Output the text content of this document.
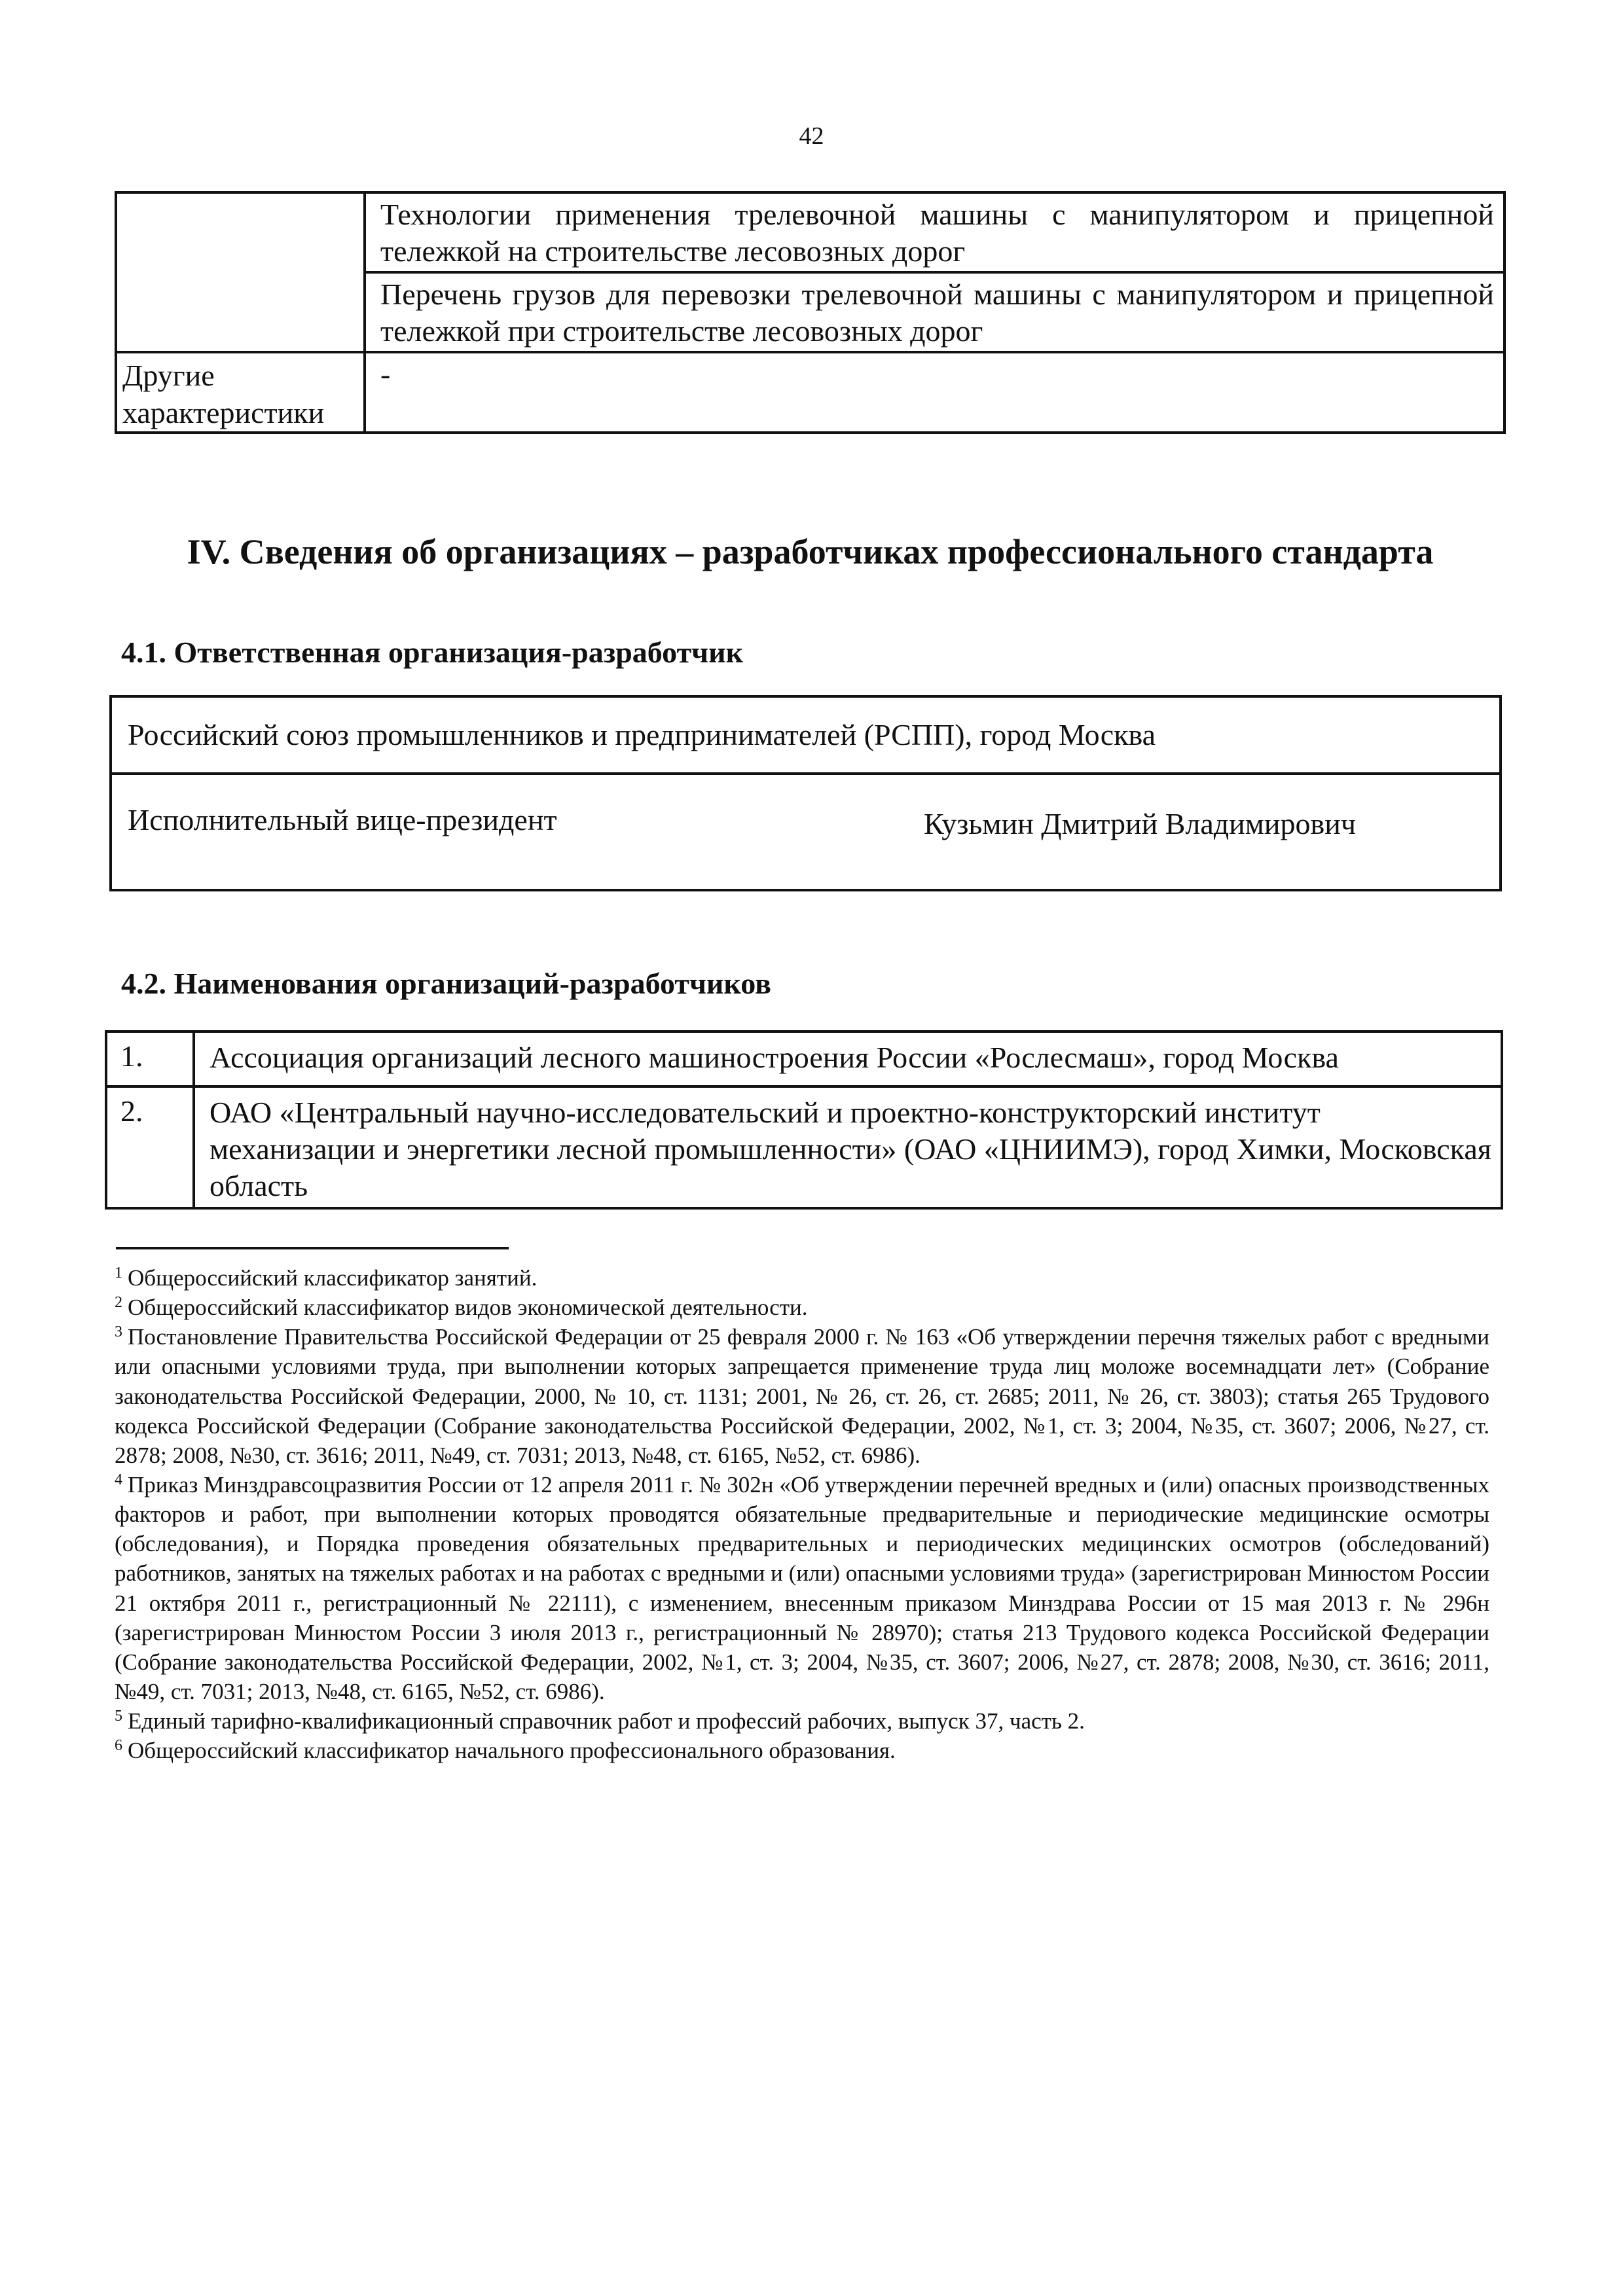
42
	Технологии применения трелевочной машины с манипулятором и прицепной тележкой на строительстве лесовозных дорог
	Перечень грузов для перевозки трелевочной машины с манипулятором и прицепной тележкой при строительстве лесовозных дорог
Другие характеристики	-
IV. Сведения об организациях – разработчиках профессионального стандарта
4.1. Ответственная организация-разработчик
Российский союз промышленников и предпринимателей (РСПП), город Москва
Исполнительный вице-президент	Кузьмин Дмитрий Владимирович
4.2. Наименования организаций-разработчиков
1.	Ассоциация организаций лесного машиностроения России «Рослесмаш», город Москва
2.	ОАО «Центральный научно-исследовательский и проектно-конструкторский институт механизации и энергетики лесной промышленности» (ОАО «ЦНИИМЭ), город Химки, Московская область

$^1$ Общероссийский классификатор занятий.

$^2$ Общероссийский классификатор видов экономической деятельности.

$^3$ Постановление Правительства Российской Федерации от 25 февраля 2000 г. № 163 «Об утверждении перечня тяжелых работ с вредными или опасными условиями труда, при выполнении которых запрещается применение труда лиц моложе восемнадцати лет» (Собрание законодательства Российской Федерации, 2000, № 10, ст. 1131; 2001, № 26, ст. 26, ст. 2685; 2011, № 26, ст. 3803); статья 265 Трудового кодекса Российской Федерации (Собрание законодательства Российской Федерации, 2002, №1, ст. 3; 2004, №35, ст. 3607; 2006, №27, ст. 2878; 2008, №30, ст. 3616; 2011, №49, ст. 7031; 2013, №48, ст. 6165, №52, ст. 6986).

$^4$ Приказ Минздравсоцразвития России от 12 апреля 2011 г. № 302н «Об утверждении перечней вредных и (или) опасных производственных факторов и работ, при выполнении которых проводятся обязательные предварительные и периодические медицинские осмотры (обследования), и Порядка проведения обязательных предварительных и периодических медицинских осмотров (обследований) работников, занятых на тяжелых работах и на работах с вредными и (или) опасными условиями труда» (зарегистрирован Минюстом России 21 октября 2011 г., регистрационный № 22111), с изменением, внесенным приказом Минздрава России от 15 мая 2013 г. № 296н (зарегистрирован Минюстом России 3 июля 2013 г., регистрационный № 28970); статья 213 Трудового кодекса Российской Федерации (Собрание законодательства Российской Федерации, 2002, №1, ст. 3; 2004, №35, ст. 3607; 2006, №27, ст. 2878; 2008, №30, ст. 3616; 2011, №49, ст. 7031; 2013, №48, ст. 6165, №52, ст. 6986).

$^5$ Единый тарифно-квалификационный справочник работ и профессий рабочих, выпуск 37, часть 2.

$^6$ Общероссийский классификатор начального профессионального образования.
